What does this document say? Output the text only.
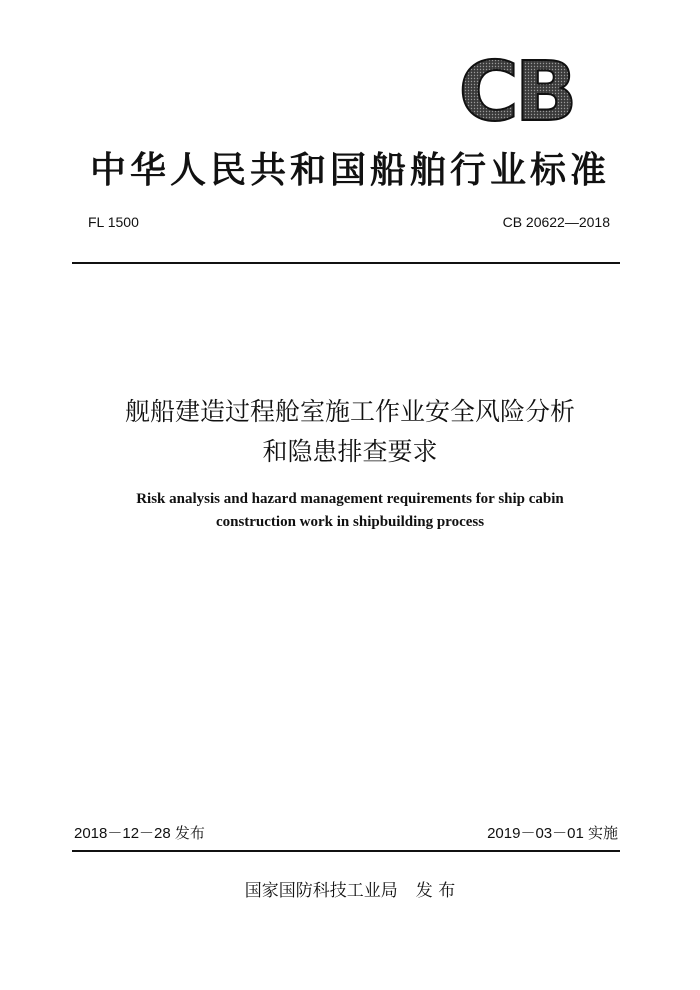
CB
中华人民共和国船舶行业标准
FL 1500	CB 20622—2018
舰船建造过程舱室施工作业安全风险分析
和隐患排查要求
Risk analysis and hazard management requirements for ship cabin
construction work in shipbuilding process
2018－12－28 发布	2019－03－01 实施
国家国防科技工业局 发 布
